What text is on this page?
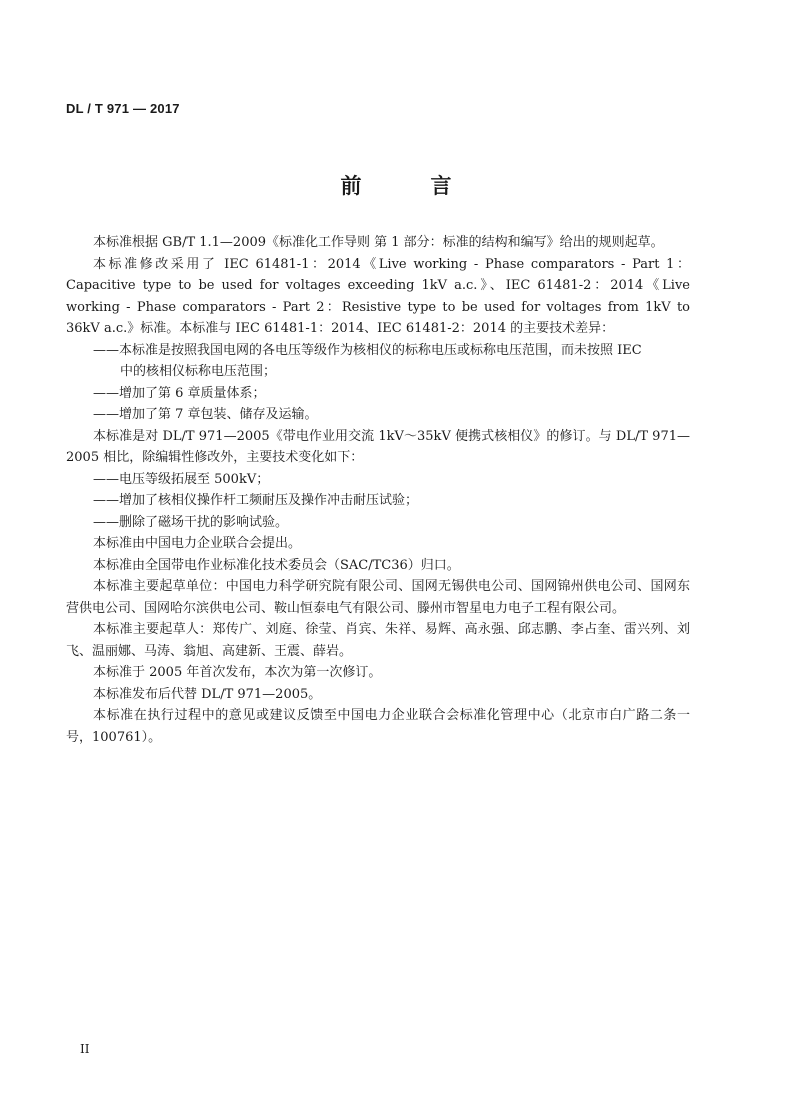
DL / T 971 — 2017
前　言

本标准根据 GB/T 1.1—2009《标准化工作导则 第 1 部分：标准的结构和编写》给出的规则起草。

本标准修改采用了 IEC 61481-1：2014《Live working - Phase comparators - Part 1：Capacitive type to be used for voltages exceeding 1kV a.c.》、IEC 61481-2：2014《Live working - Phase comparators - Part 2：Resistive type to be used for voltages from 1kV to 36kV a.c.》标准。本标准与 IEC 61481-1：2014、IEC 61481-2：2014 的主要技术差异：

——本标准是按照我国电网的各电压等级作为核相仪的标称电压或标称电压范围，而未按照 IEC

中的核相仪标称电压范围；

——增加了第 6 章质量体系；

——增加了第 7 章包装、储存及运输。

本标准是对 DL/T 971—2005《带电作业用交流 1kV～35kV 便携式核相仪》的修订。与 DL/T 971—2005 相比，除编辑性修改外，主要技术变化如下：

——电压等级拓展至 500kV；

——增加了核相仪操作杆工频耐压及操作冲击耐压试验；

——删除了磁场干扰的影响试验。

本标准由中国电力企业联合会提出。

本标准由全国带电作业标准化技术委员会（SAC/TC36）归口。

本标准主要起草单位：中国电力科学研究院有限公司、国网无锡供电公司、国网锦州供电公司、国网东营供电公司、国网哈尔滨供电公司、鞍山恒泰电气有限公司、滕州市智星电力电子工程有限公司。

本标准主要起草人：郑传广、刘庭、徐莹、肖宾、朱祥、易辉、高永强、邱志鹏、李占奎、雷兴列、刘飞、温丽娜、马涛、翁旭、高建新、王震、薛岩。

本标准于 2005 年首次发布，本次为第一次修订。

本标准发布后代替 DL/T 971—2005。

本标准在执行过程中的意见或建议反馈至中国电力企业联合会标准化管理中心（北京市白广路二条一号，100761）。

II
